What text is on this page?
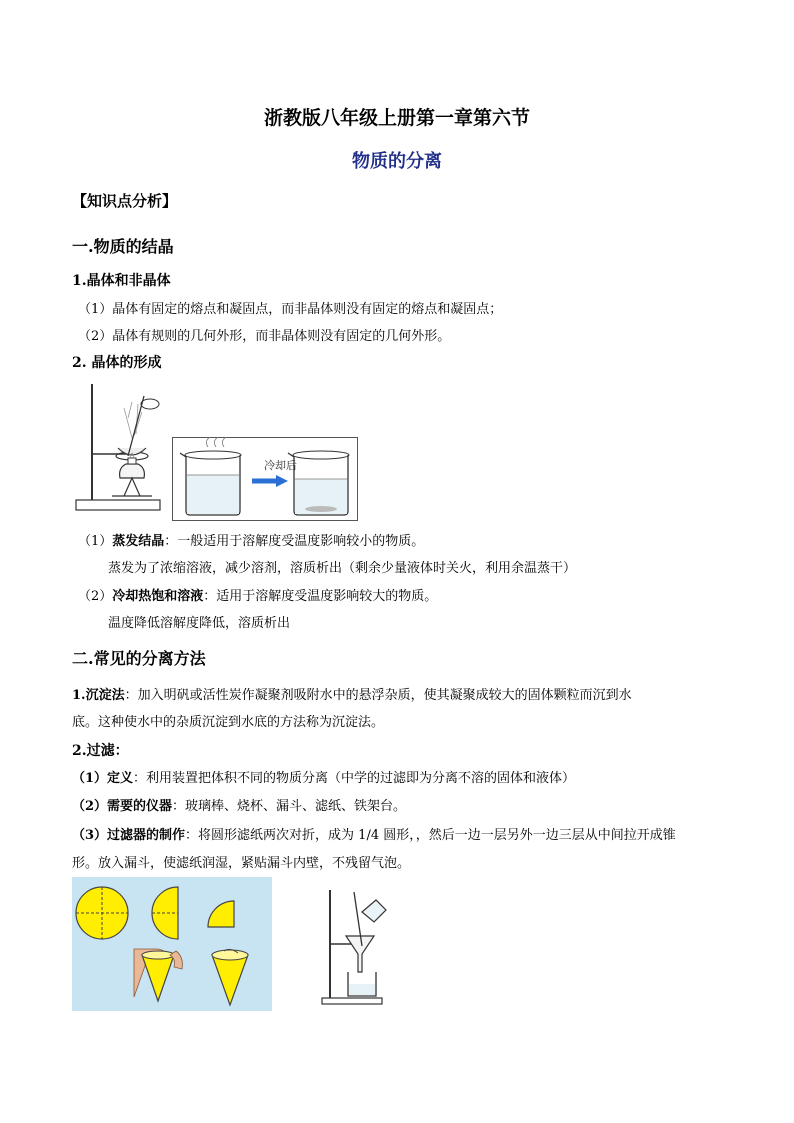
浙教版八年级上册第一章第六节
物质的分离
【知识点分析】
一.物质的结晶
1.晶体和非晶体
（1）晶体有固定的熔点和凝固点，而非晶体则没有固定的熔点和凝固点；
（2）晶体有规则的几何外形，而非晶体则没有固定的几何外形。
2. 晶体的形成
冷却后
（1）蒸发结晶：一般适用于溶解度受温度影响较小的物质。
蒸发为了浓缩溶液，减少溶剂，溶质析出（剩余少量液体时关火，利用余温蒸干）
（2）冷却热饱和溶液：适用于溶解度受温度影响较大的物质。
温度降低溶解度降低，溶质析出
二.常见的分离方法
1.沉淀法：加入明矾或活性炭作凝聚剂吸附水中的悬浮杂质，使其凝聚成较大的固体颗粒而沉到水
底。这种使水中的杂质沉淀到水底的方法称为沉淀法。
2.过滤：
（1）定义：利用装置把体积不同的物质分离（中学的过滤即为分离不溶的固体和液体）
（2）需要的仪器：玻璃棒、烧杯、漏斗、滤纸、铁架台。
（3）过滤器的制作：将圆形滤纸两次对折，成为 1/4 圆形，，然后一边一层另外一边三层从中间拉开成锥
形。放入漏斗，使滤纸润湿，紧贴漏斗内壁，不残留气泡。
